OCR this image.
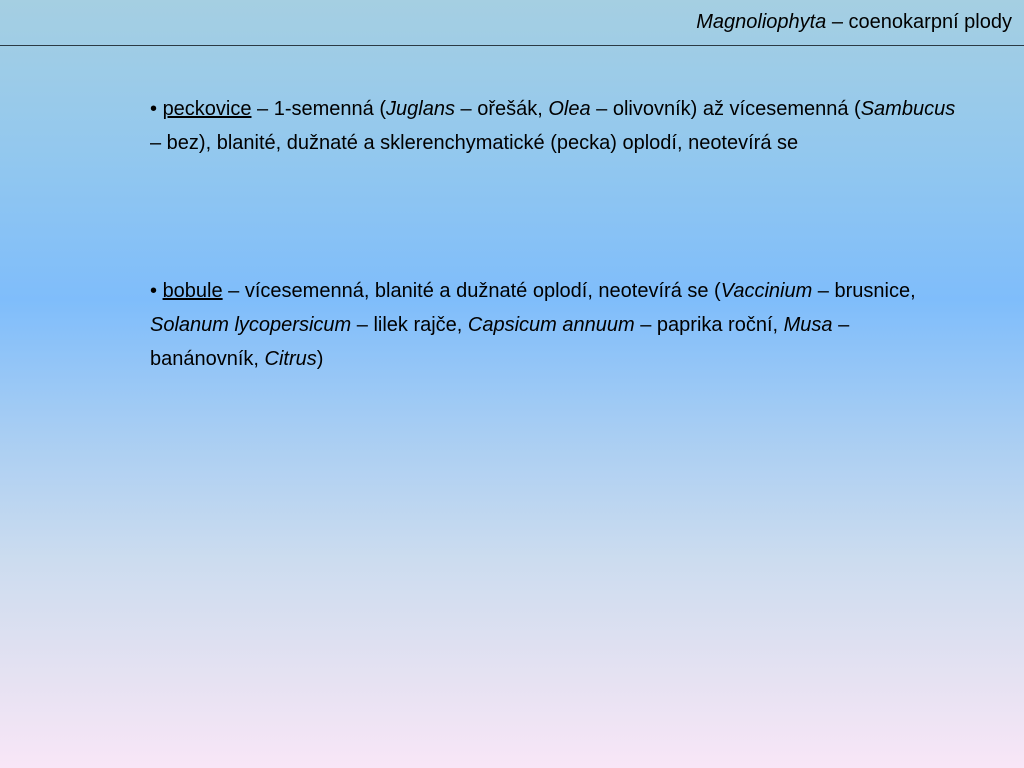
Magnoliophyta – coenokarpní plody
• peckovice – 1-semenná (Juglans – ořešák, Olea – olivovník) až vícesemenná (Sambucus – bez), blanité, dužnaté a sklerenchymatické (pecka) oplodí, neotevírá se
• bobule – vícesemenná, blanité a dužnaté oplodí, neotevírá se (Vaccinium – brusnice, Solanum lycopersicum – lilek rajče, Capsicum annuum – paprika roční, Musa – banánovník, Citrus)
